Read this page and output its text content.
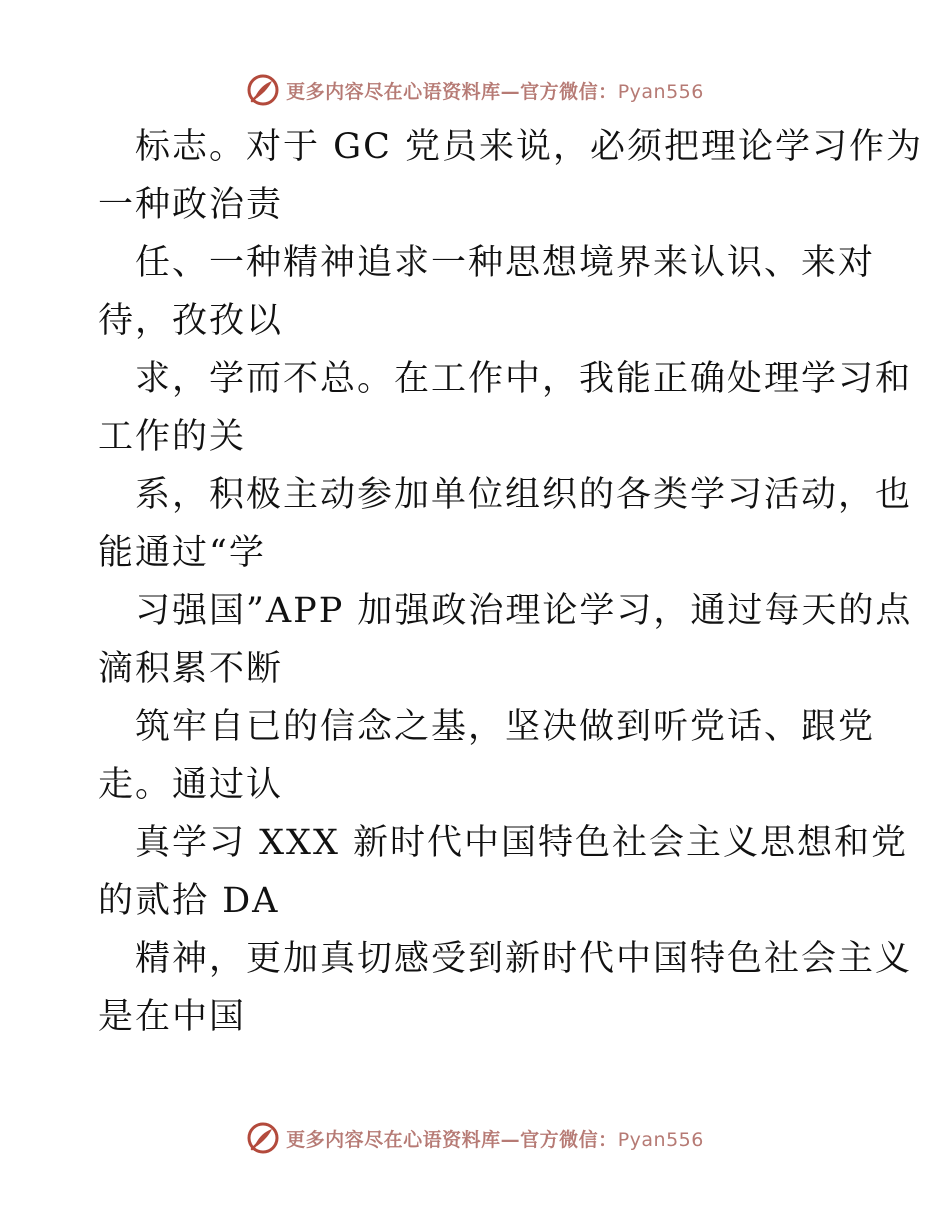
更多内容尽在心语资料库—官方微信：Pyan556
标志。对于 GC 党员来说，必须把理论学习作为
一种政治责
任、一种精神追求一种思想境界来认识、来对
待，孜孜以
求，学而不总。在工作中，我能正确处理学习和
工作的关
系，积极主动参加单位组织的各类学习活动，也
能通过“学
习强国”APP 加强政治理论学习，通过每天的点
滴积累不断
筑牢自已的信念之基，坚决做到听党话、跟党
走。通过认
真学习 XXX 新时代中国特色社会主义思想和党
的贰拾 DA
精神，更加真切感受到新时代中国特色社会主义
是在中国
更多内容尽在心语资料库—官方微信：Pyan556
